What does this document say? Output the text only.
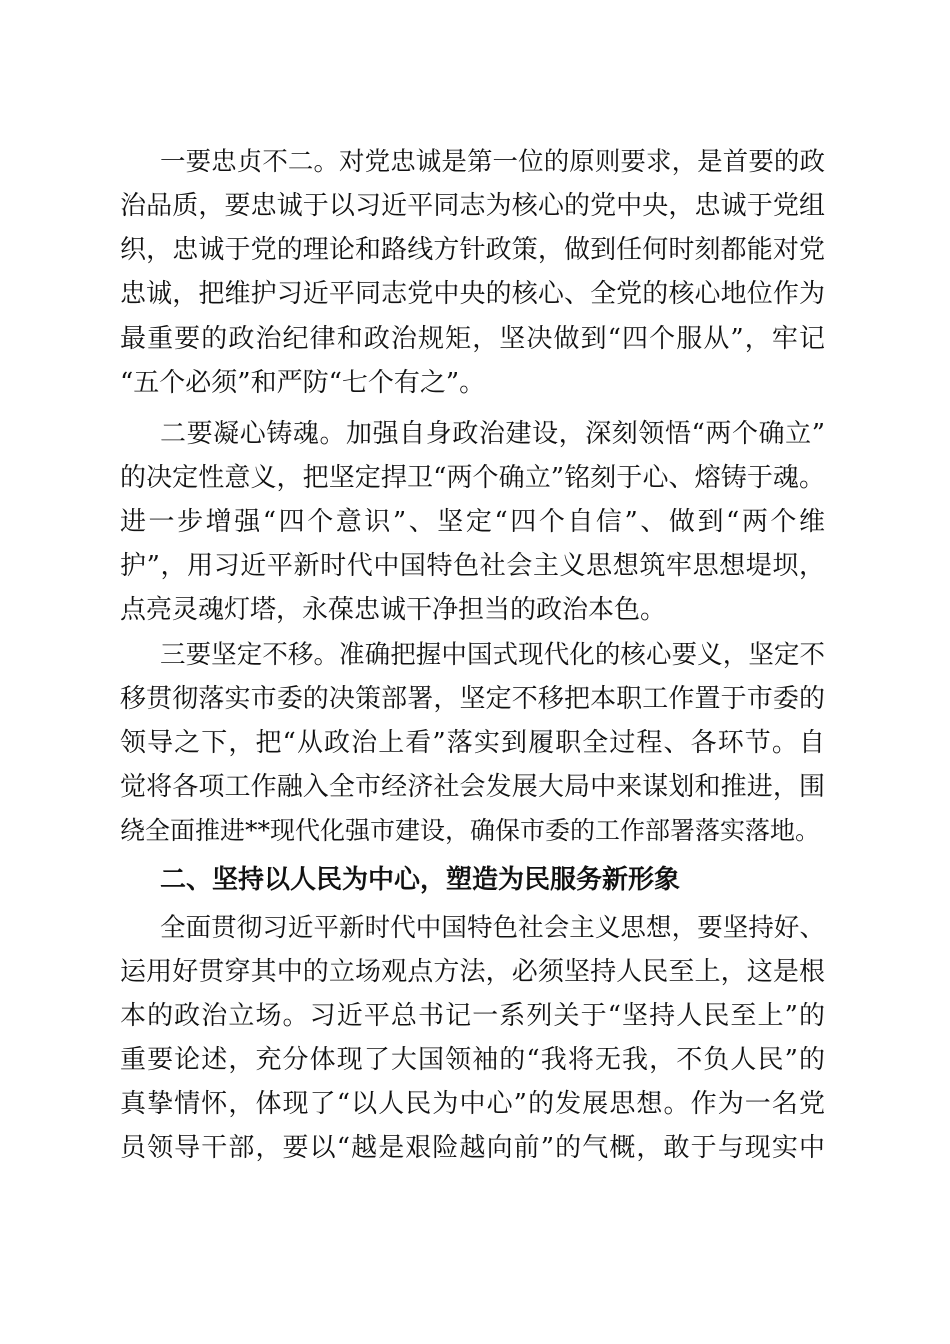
一要忠贞不二。对党忠诚是第一位的原则要求，是首要的政
治品质，要忠诚于以习近平同志为核心的党中央，忠诚于党组
织，忠诚于党的理论和路线方针政策，做到任何时刻都能对党
忠诚，把维护习近平同志党中央的核心、全党的核心地位作为
最重要的政治纪律和政治规矩，坚决做到“四个服从”，牢记
“五个必须”和严防“七个有之”。
二要凝心铸魂。加强自身政治建设，深刻领悟“两个确立”
的决定性意义，把坚定捍卫“两个确立”铭刻于心、熔铸于魂。
进一步增强“四个意识”、坚定“四个自信”、做到“两个维
护”，用习近平新时代中国特色社会主义思想筑牢思想堤坝，
点亮灵魂灯塔，永葆忠诚干净担当的政治本色。
三要坚定不移。准确把握中国式现代化的核心要义，坚定不
移贯彻落实市委的决策部署，坚定不移把本职工作置于市委的
领导之下，把“从政治上看”落实到履职全过程、各环节。自
觉将各项工作融入全市经济社会发展大局中来谋划和推进，围
绕全面推进**现代化强市建设，确保市委的工作部署落实落地。
二、坚持以人民为中心，塑造为民服务新形象
全面贯彻习近平新时代中国特色社会主义思想，要坚持好、
运用好贯穿其中的立场观点方法，必须坚持人民至上，这是根
本的政治立场。习近平总书记一系列关于“坚持人民至上”的
重要论述，充分体现了大国领袖的“我将无我，不负人民”的
真挚情怀，体现了“以人民为中心”的发展思想。作为一名党
员领导干部，要以“越是艰险越向前”的气概，敢于与现实中
